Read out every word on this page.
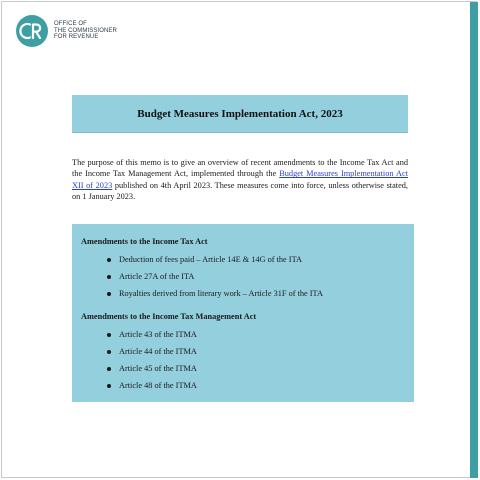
OFFICE OF
THE COMMISSIONER
FOR REVENUE
Budget Measures Implementation Act, 2023
The purpose of this memo is to give an overview of recent amendments to the Income Tax Act and the Income Tax Management Act, implemented through the Budget Measures Implementation Act XII of 2023 published on 4th April 2023. These measures come into force, unless otherwise stated, on 1 January 2023.

Amendments to the Income Tax Act

Deduction of fees paid – Article 14E & 14G of the ITA
Article 27A of the ITA
Royalties derived from literary work – Article 31F of the ITA

Amendments to the Income Tax Management Act

Article 43 of the ITMA
Article 44 of the ITMA
Article 45 of the ITMA
Article 48 of the ITMA
